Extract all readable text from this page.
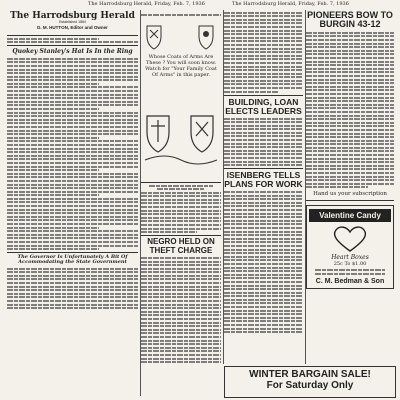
The Harrodsburg Herald, Friday, Feb. 7, 1936	The Harrodsburg Herald, Friday, Feb. 7, 1936
The Harrodsburg Herald
Established 1884
D. M. HUTTON, Editor and Owner
Quokey Stanley's Hat Is In the Ring
The Governor Is Unfortunately A Bit Of Accommodating the State Government
Whose Coats of Arms Are These ? You will soon know. Watch for "Your Family Coat Of Arms" in this paper.
NEGRO HELD ON THEFT CHARGE
BUILDING, LOAN ELECTS LEADERS
ISENBERG TELLS PLANS FOR WORK
PIONEERS BOW TO BURGIN 43-12
Hand us your subscription
Valentine Candy
Heart Boxes
25c To $1.00
C. M. Bedman & Son
WINTER BARGAIN SALE!
For Saturday Only
